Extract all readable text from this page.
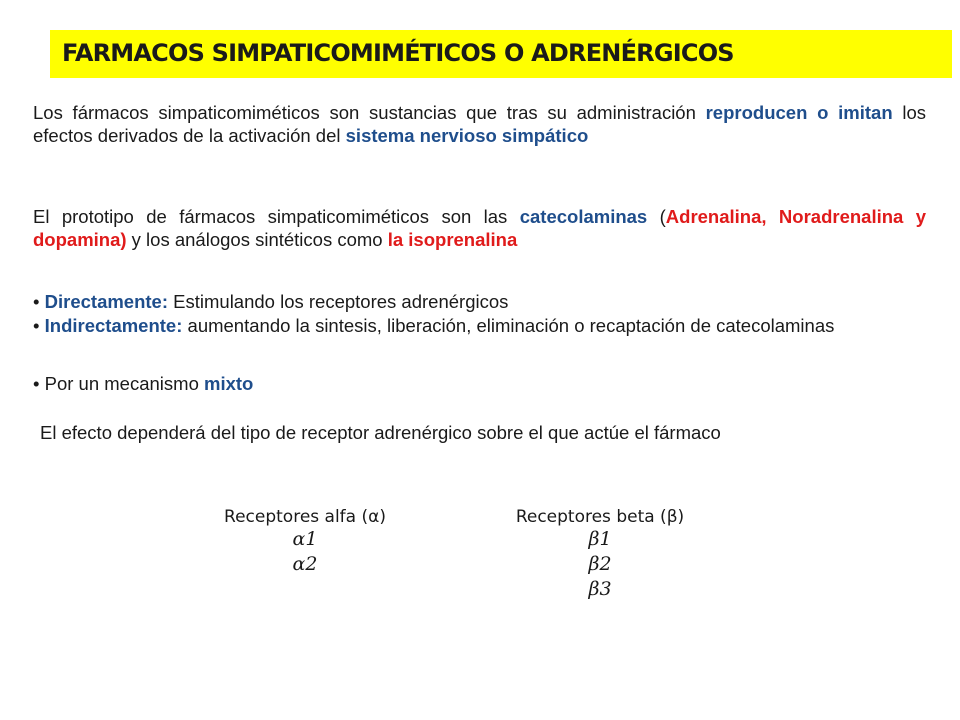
FARMACOS SIMPATICOMIMÉTICOS O ADRENÉRGICOS
Los fármacos simpaticomiméticos son sustancias que tras su administración reproducen o imitan los efectos derivados de la activación del sistema nervioso simpático
El prototipo de fármacos simpaticomiméticos son las catecolaminas (Adrenalina, Noradrenalina y dopamina) y los análogos sintéticos como la isoprenalina
• Directamente: Estimulando los receptores adrenérgicos
• Indirectamente: aumentando la sintesis, liberación, eliminación o recaptación de catecolaminas
• Por un mecanismo mixto
El efecto dependerá del tipo de receptor adrenérgico sobre el que actúe el fármaco
Receptores alfa (α)
α1
α2
Receptores beta (β)
β1
β2
β3
